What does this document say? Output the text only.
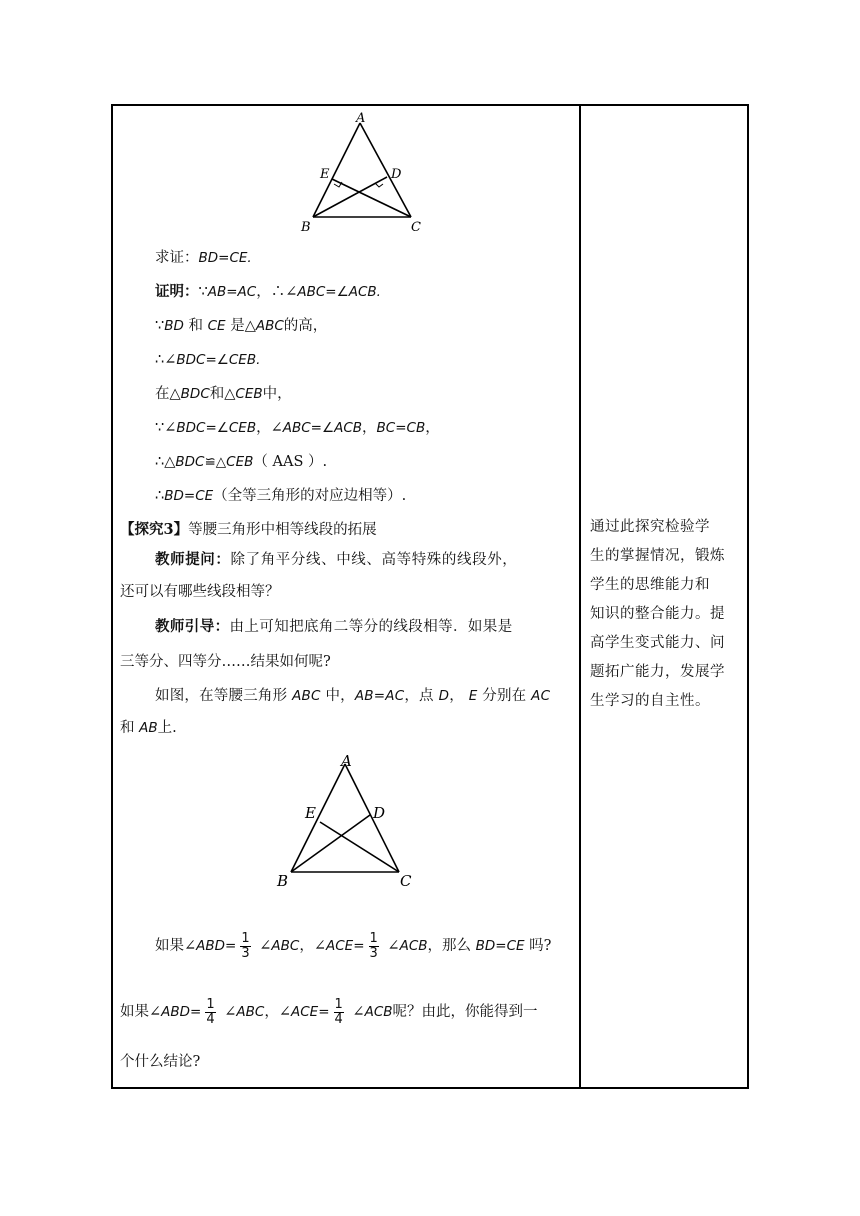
A
E	D
B	C
求证：BD=CE.
证明：∵AB=AC，∴∠ABC=∠ACB.
∵BD 和 CE 是△ABC的高，
∴∠BDC=∠CEB.
在△BDC和△CEB中，
∵∠BDC=∠CEB，∠ABC=∠ACB，BC=CB，
∴△BDC≌△CEB（ AAS ）.
∴BD=CE（全等三角形的对应边相等）.
【探究3】等腰三角形中相等线段的拓展
教师提问：除了角平分线、中线、高等特殊的线段外，
还可以有哪些线段相等？
教师引导：由上可知把底角二等分的线段相等．如果是
三等分、四等分……结果如何呢?
如图，在等腰三角形 ABC 中，AB=AC，点 D， E 分别在 AC
和 AB上.
A
E	D
B	C
如果∠ABD= $\frac{1}{3}$ ∠ABC，∠ACE= $\frac{1}{3}$ ∠ACB，那么 BD=CE 吗?
如果∠ABD= $\frac{1}{4}$ ∠ABC，∠ACE= $\frac{1}{4}$ ∠ACB呢？由此，你能得到一
个什么结论?
通过此探究检验学
生的掌握情况，锻炼
学生的思维能力和
知识的整合能力。提
高学生变式能力、问
题拓广能力，发展学
生学习的自主性。
